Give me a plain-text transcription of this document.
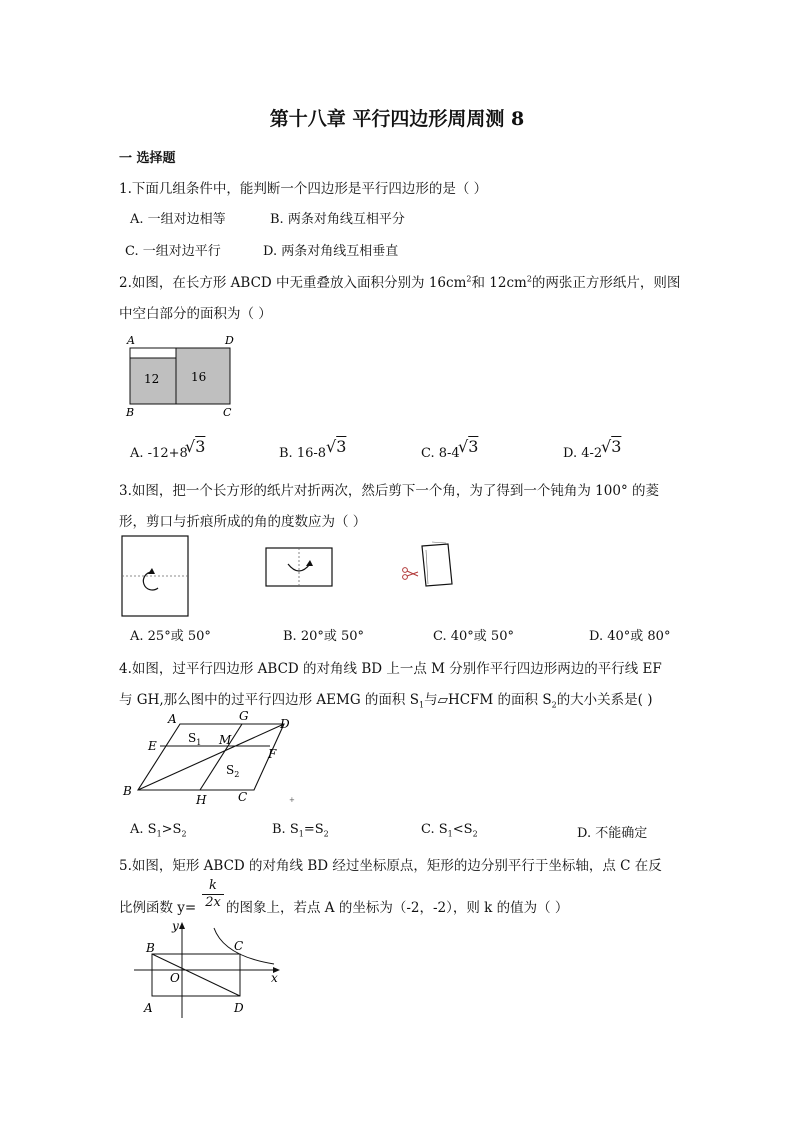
第十八章 平行四边形周周测 8
一 选择题
1.下面几组条件中，能判断一个四边形是平行四边形的是（ ）
A. 一组对边相等	B. 两条对角线互相平分
C. 一组对边平行	D. 两条对角线互相垂直
2.如图，在长方形 ABCD 中无重叠放入面积分别为 $16cm^2$和 $12cm^2$的两张正方形纸片，则图
中空白部分的面积为（ ）
A	D
B	C
12	16
A. -12+8
√3	B. 16-8 √3	C. 8-4
√3	D. 4-2
√3
3.如图，把一个长方形的纸片对折两次，然后剪下一个角，为了得到一个钝角为 100° 的菱
形，剪口与折痕所成的角的度数应为（ ）
A. 25°或 50°	B. 20°或 50°	C. 40°或 50°	D. 40°或 80°
4.如图，过平行四边形 ABCD 的对角线 BD 上一点 M 分别作平行四边形两边的平行线 EF
与 GH,那么图中的过平行四边形 AEMG 的面积 $S_1$与▱HCFM 的面积 $S_2$的大小关系是( )
A	G
D
E	M
F
B
H	C
$S_1$
$S_2$
+
A. $S_1>S_2$	B. $S_1=S_2$	C. $S_1<S_2$	D. 不能确定
5.如图，矩形 ABCD 的对角线 BD 经过坐标原点，矩形的边分别平行于坐标轴，点 C 在反
比例函数 $y= \frac{k}{2x}$ 的图象上，若点 A 的坐标为（-2，-2），则 k 的值为（ ）
y
x
B	C
O
A	D
